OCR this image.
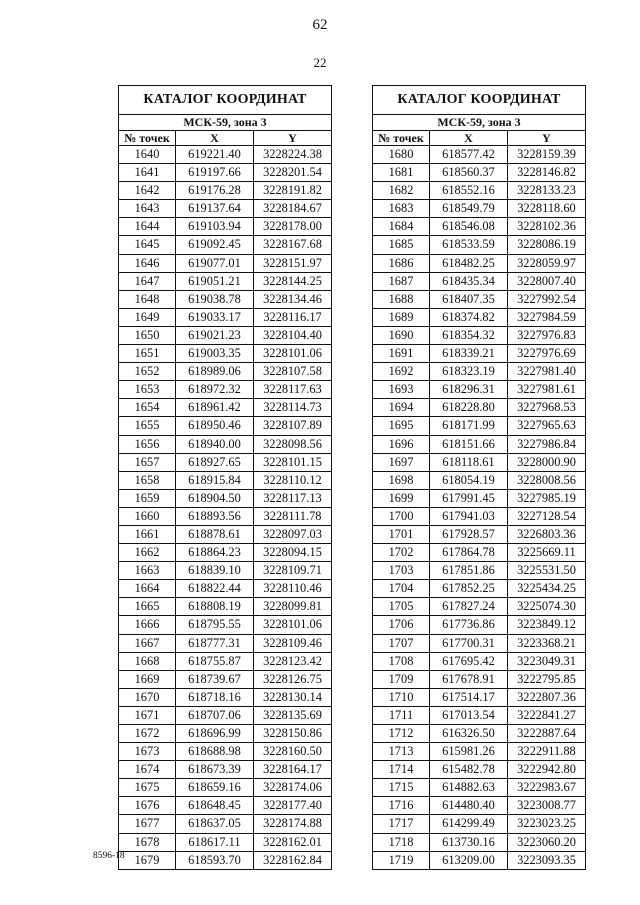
62
22
КАТАЛОГ КООРДИНАТ		
МСК-59, зона 3		
№ точек	X	Y
1640	619221.40	3228224.38
1641	619197.66	3228201.54
1642	619176.28	3228191.82
1643	619137.64	3228184.67
1644	619103.94	3228178.00
1645	619092.45	3228167.68
1646	619077.01	3228151.97
1647	619051.21	3228144.25
1648	619038.78	3228134.46
1649	619033.17	3228116.17
1650	619021.23	3228104.40
1651	619003.35	3228101.06
1652	618989.06	3228107.58
1653	618972.32	3228117.63
1654	618961.42	3228114.73
1655	618950.46	3228107.89
1656	618940.00	3228098.56
1657	618927.65	3228101.15
1658	618915.84	3228110.12
1659	618904.50	3228117.13
1660	618893.56	3228111.78
1661	618878.61	3228097.03
1662	618864.23	3228094.15
1663	618839.10	3228109.71
1664	618822.44	3228110.46
1665	618808.19	3228099.81
1666	618795.55	3228101.06
1667	618777.31	3228109.46
1668	618755.87	3228123.42
1669	618739.67	3228126.75
1670	618718.16	3228130.14
1671	618707.06	3228135.69
1672	618696.99	3228150.86
1673	618688.98	3228160.50
1674	618673.39	3228164.17
1675	618659.16	3228174.06
1676	618648.45	3228177.40
1677	618637.05	3228174.88
1678	618617.11	3228162.01
1679	618593.70	3228162.84
КАТАЛОГ КООРДИНАТ		
МСК-59, зона 3		
№ точек	X	Y
1680	618577.42	3228159.39
1681	618560.37	3228146.82
1682	618552.16	3228133.23
1683	618549.79	3228118.60
1684	618546.08	3228102.36
1685	618533.59	3228086.19
1686	618482.25	3228059.97
1687	618435.34	3228007.40
1688	618407.35	3227992.54
1689	618374.82	3227984.59
1690	618354.32	3227976.83
1691	618339.21	3227976.69
1692	618323.19	3227981.40
1693	618296.31	3227981.61
1694	618228.80	3227968.53
1695	618171.99	3227965.63
1696	618151.66	3227986.84
1697	618118.61	3228000.90
1698	618054.19	3228008.56
1699	617991.45	3227985.19
1700	617941.03	3227128.54
1701	617928.57	3226803.36
1702	617864.78	3225669.11
1703	617851.86	3225531.50
1704	617852.25	3225434.25
1705	617827.24	3225074.30
1706	617736.86	3223849.12
1707	617700.31	3223368.21
1708	617695.42	3223049.31
1709	617678.91	3222795.85
1710	617514.17	3222807.36
1711	617013.54	3222841.27
1712	616326.50	3222887.64
1713	615981.26	3222911.88
1714	615482.78	3222942.80
1715	614882.63	3222983.67
1716	614480.40	3223008.77
1717	614299.49	3223023.25
1718	613730.16	3223060.20
1719	613209.00	3223093.35
8596-18
